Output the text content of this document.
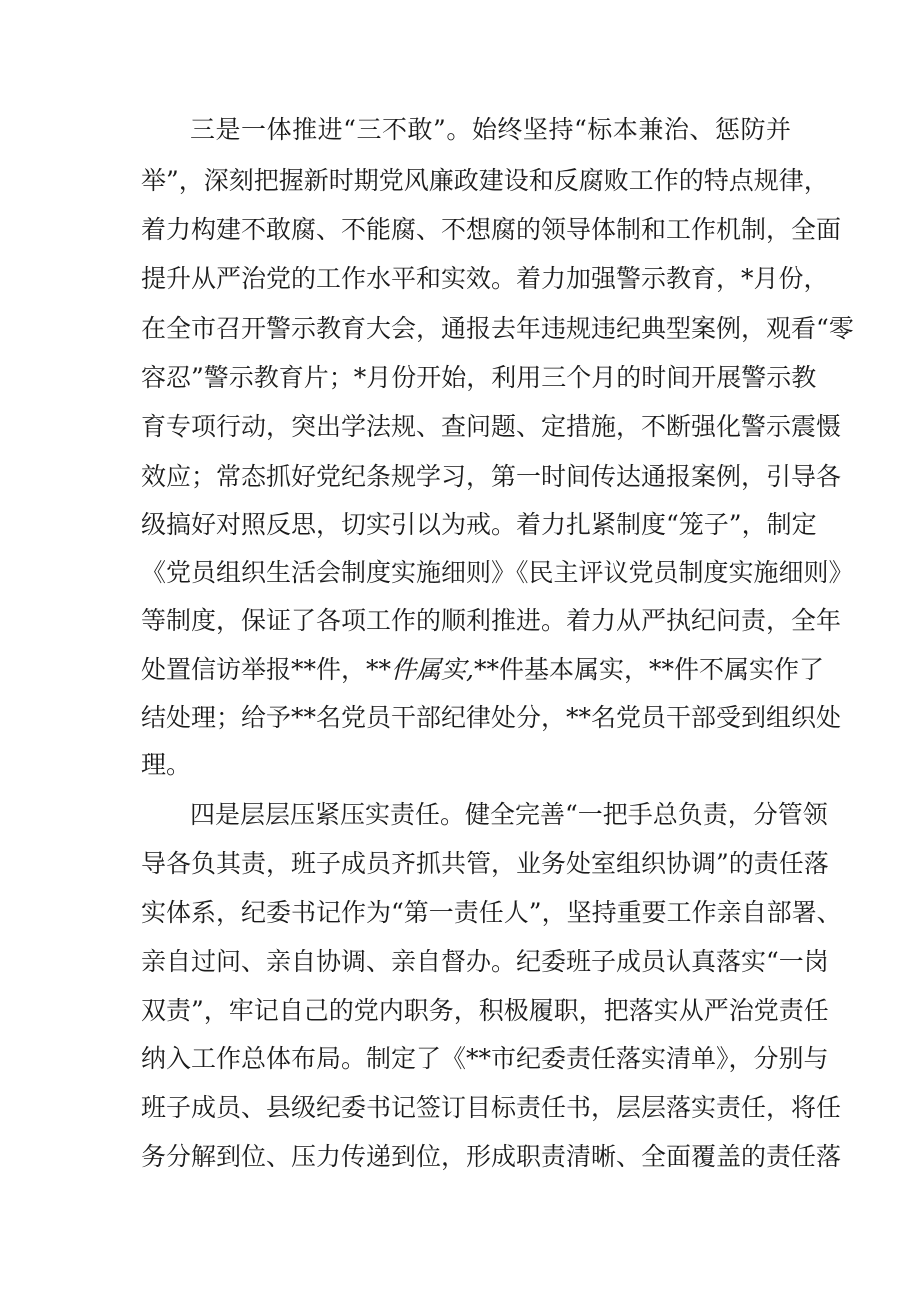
三是一体推进“三不敢”。始终坚持“标本兼治、惩防并
举”，深刻把握新时期党风廉政建设和反腐败工作的特点规律，
着力构建不敢腐、不能腐、不想腐的领导体制和工作机制，全面
提升从严治党的工作水平和实效。着力加强警示教育，*月份，
在全市召开警示教育大会，通报去年违规违纪典型案例，观看“零
容忍”警示教育片；*月份开始，利用三个月的时间开展警示教
育专项行动，突出学法规、查问题、定措施，不断强化警示震慑
效应；常态抓好党纪条规学习，第一时间传达通报案例，引导各
级搞好对照反思，切实引以为戒。着力扎紧制度“笼子”，制定
《党员组织生活会制度实施细则》《民主评议党员制度实施细则》
等制度，保证了各项工作的顺利推进。着力从严执纪问责，全年
处置信访举报**件，**件属实,**件基本属实，**件不属实作了
结处理；给予**名党员干部纪律处分，**名党员干部受到组织处
理。
四是层层压紧压实责任。健全完善“一把手总负责，分管领
导各负其责，班子成员齐抓共管，业务处室组织协调”的责任落
实体系，纪委书记作为“第一责任人”，坚持重要工作亲自部署、
亲自过问、亲自协调、亲自督办。纪委班子成员认真落实“一岗
双责”，牢记自己的党内职务，积极履职，把落实从严治党责任
纳入工作总体布局。制定了《**市纪委责任落实清单》，分别与
班子成员、县级纪委书记签订目标责任书，层层落实责任，将任
务分解到位、压力传递到位，形成职责清晰、全面覆盖的责任落
